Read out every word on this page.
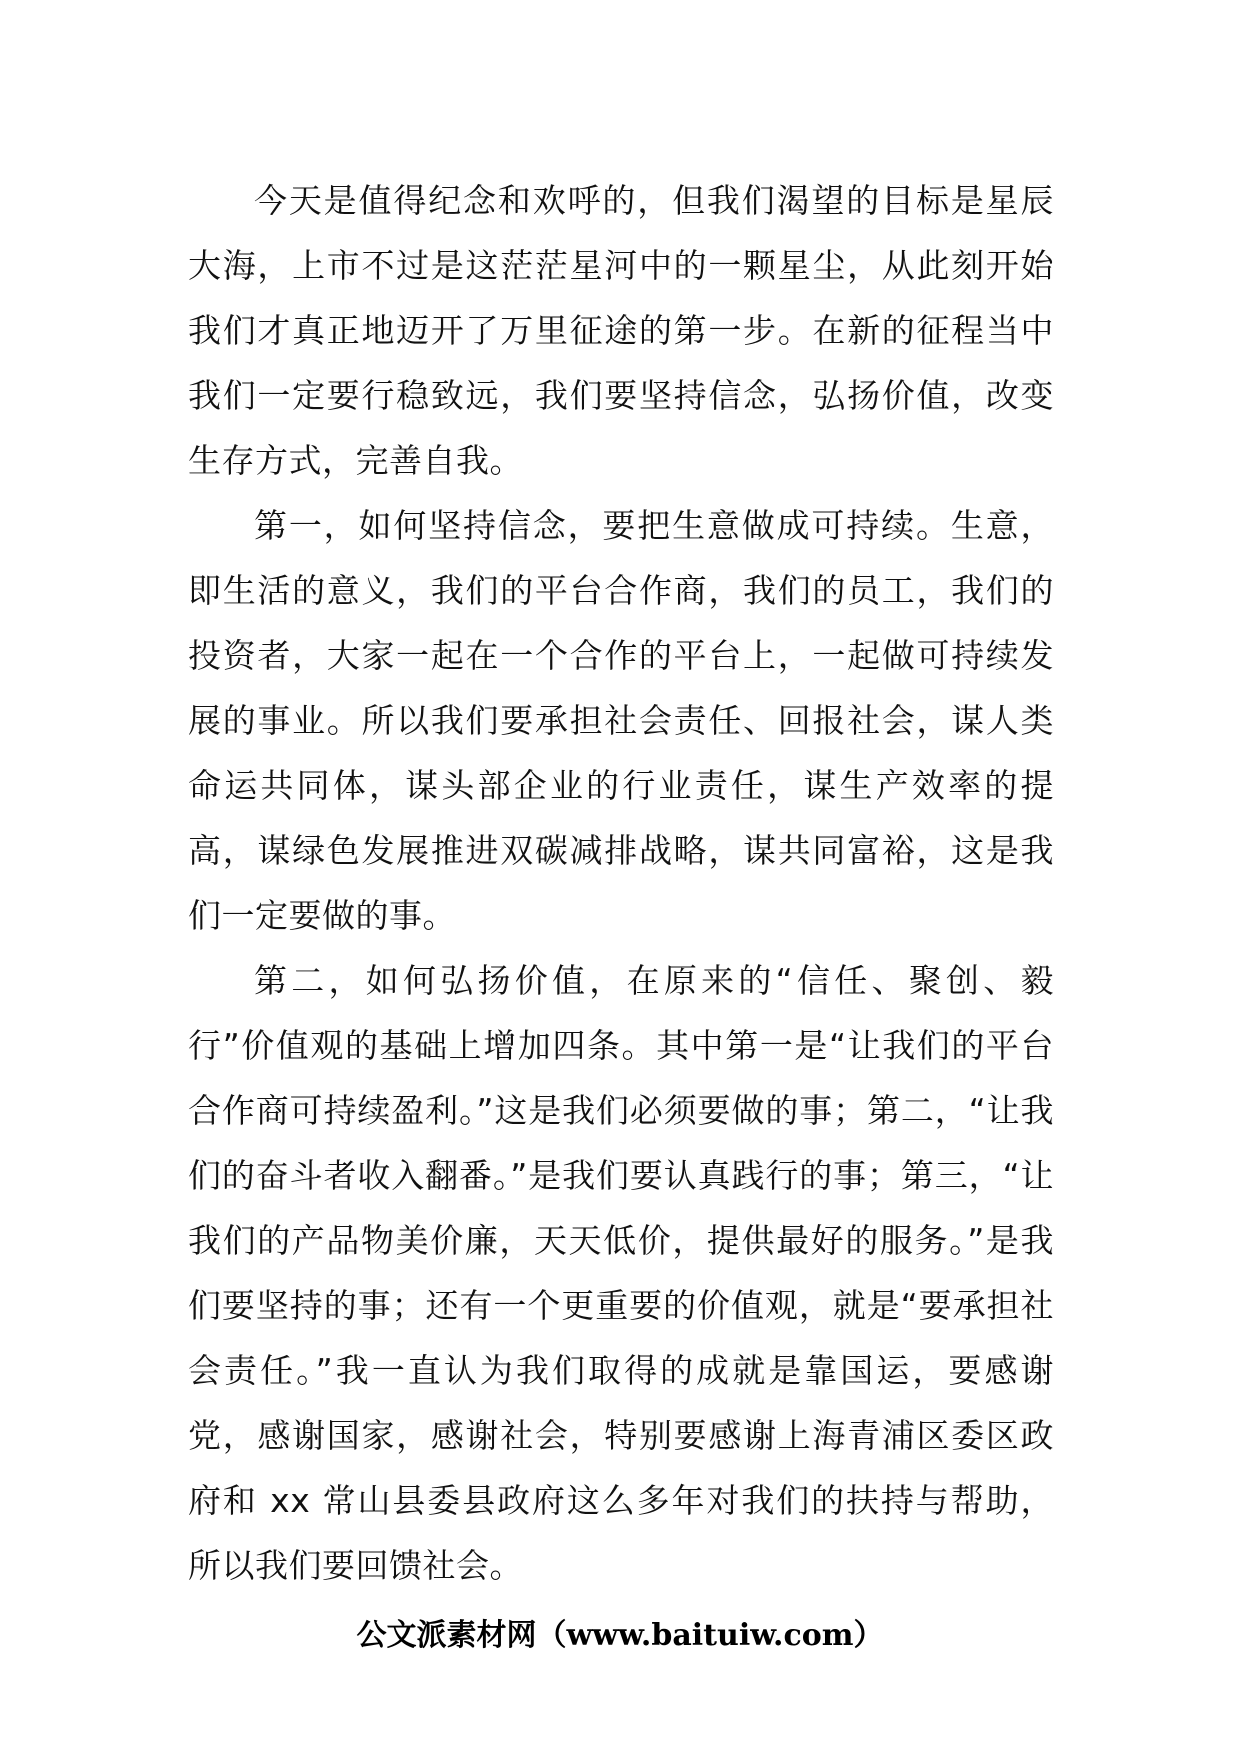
今天是值得纪念和欢呼的，但我们渴望的目标是星辰大海，上市不过是这茫茫星河中的一颗星尘，从此刻开始我们才真正地迈开了万里征途的第一步。在新的征程当中我们一定要行稳致远，我们要坚持信念，弘扬价值，改变生存方式，完善自我。

第一，如何坚持信念，要把生意做成可持续。生意，即生活的意义，我们的平台合作商，我们的员工，我们的投资者，大家一起在一个合作的平台上，一起做可持续发展的事业。所以我们要承担社会责任、回报社会，谋人类命运共同体，谋头部企业的行业责任，谋生产效率的提高，谋绿色发展推进双碳减排战略，谋共同富裕，这是我们一定要做的事。

第二，如何弘扬价值，在原来的“信任、聚创、毅行”价值观的基础上增加四条。其中第一是“让我们的平台合作商可持续盈利。”这是我们必须要做的事；第二，“让我们的奋斗者收入翻番。”是我们要认真践行的事；第三，“让我们的产品物美价廉，天天低价，提供最好的服务。”是我们要坚持的事；还有一个更重要的价值观，就是“要承担社会责任。”我一直认为我们取得的成就是靠国运，要感谢党，感谢国家，感谢社会，特别要感谢上海青浦区委区政府和 xx 常山县委县政府这么多年对我们的扶持与帮助，所以我们要回馈社会。

公文派素材网（www.baituiw.com）
